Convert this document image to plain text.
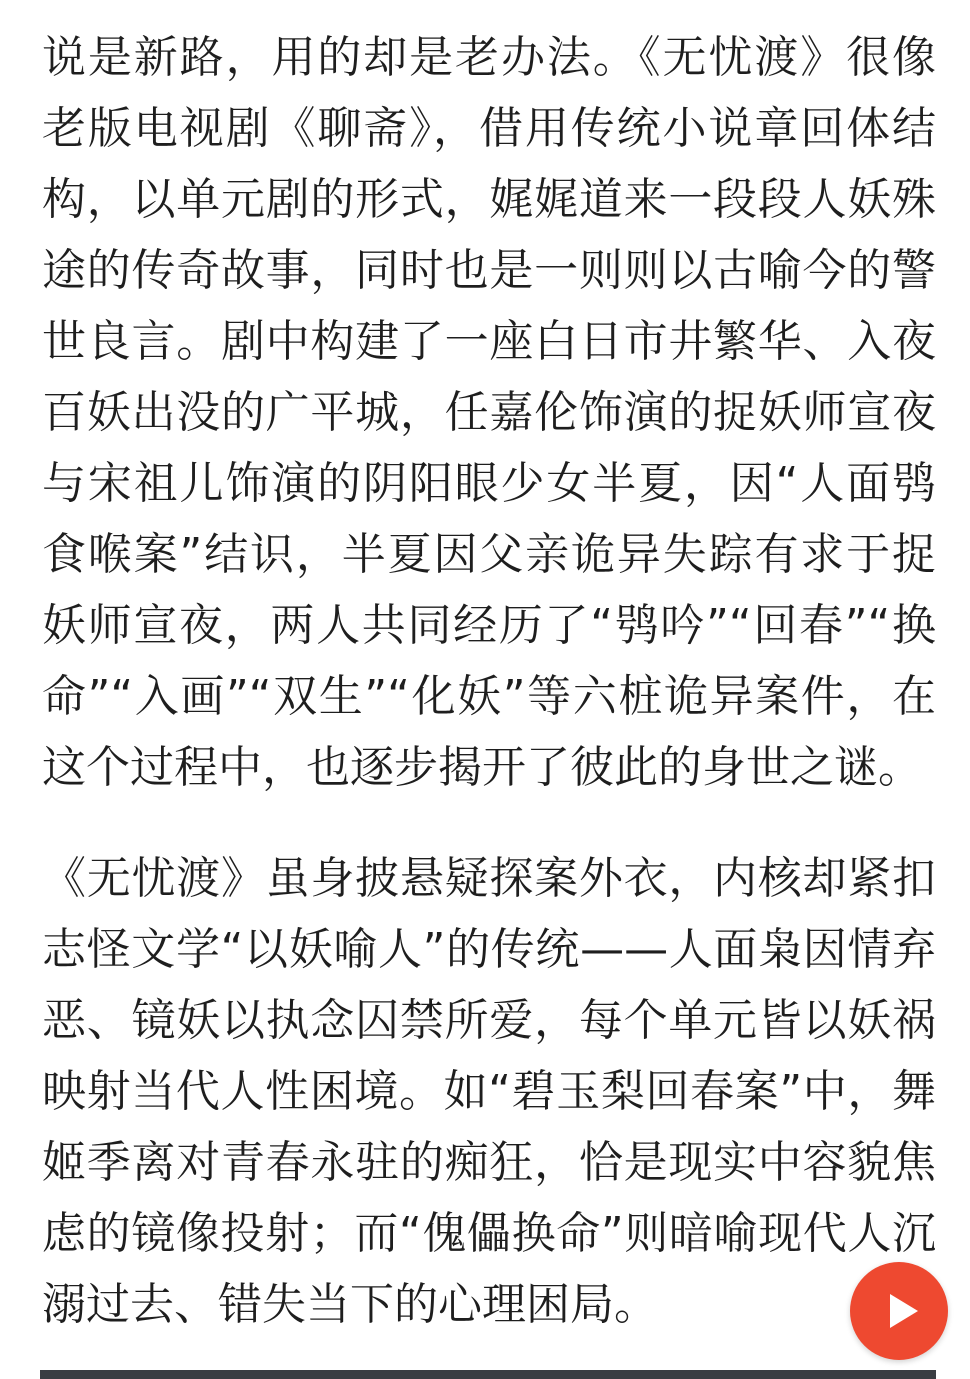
说是新路，用的却是老办法。《无忧渡》很像老版电视剧《聊斋》，借用传统小说章回体结构，以单元剧的形式，娓娓道来一段段人妖殊途的传奇故事，同时也是一则则以古喻今的警世良言。剧中构建了一座白日市井繁华、入夜百妖出没的广平城，任嘉伦饰演的捉妖师宣夜与宋祖儿饰演的阴阳眼少女半夏，因“人面鸮食喉案”结识，半夏因父亲诡异失踪有求于捉妖师宣夜，两人共同经历了“鸮吟”“回春”“换命”“入画”“双生”“化妖”等六桩诡异案件，在这个过程中，也逐步揭开了彼此的身世之谜。

《无忧渡》虽身披悬疑探案外衣，内核却紧扣志怪文学“以妖喻人”的传统——人面枭因情弃恶、镜妖以执念囚禁所爱，每个单元皆以妖祸映射当代人性困境。如“碧玉梨回春案”中，舞姬季离对青春永驻的痴狂，恰是现实中容貌焦虑的镜像投射；而“傀儡换命”则暗喻现代人沉溺过去、错失当下的心理困局。
